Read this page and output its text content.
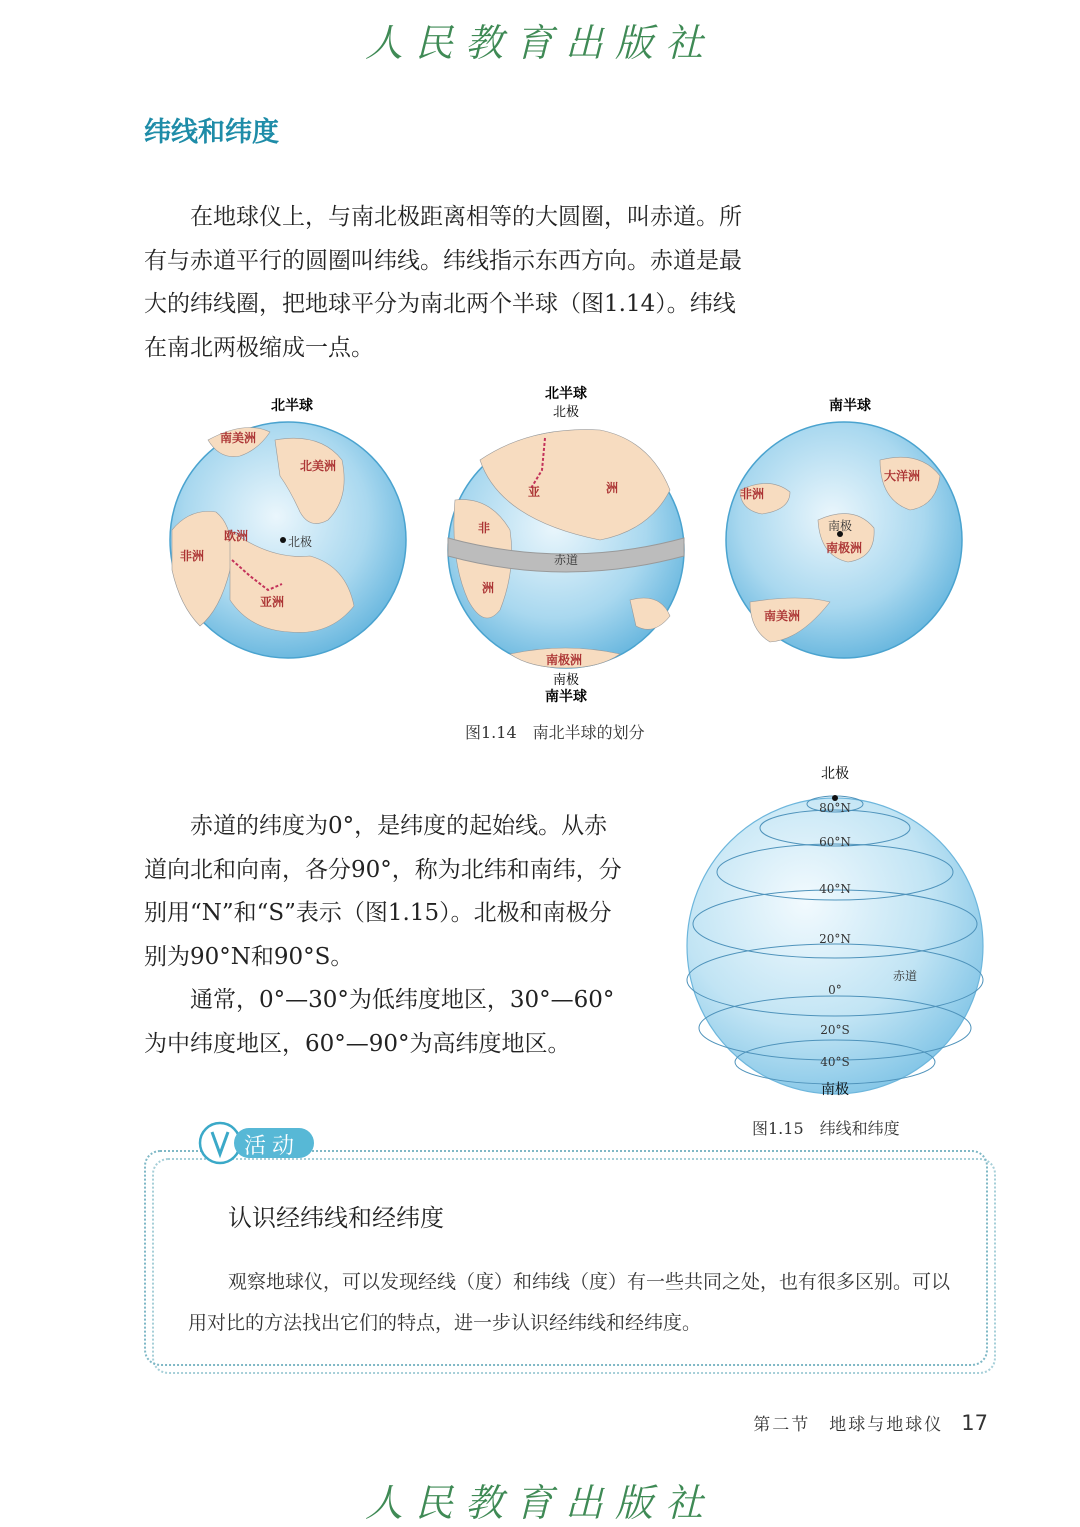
人民教育出版社
纬线和纬度

在地球仪上，与南北极距离相等的大圆圈，叫赤道。所有与赤道平行的圆圈叫纬线。纬线指示东西方向。赤道是最大的纬线圈，把地球平分为南北两个半球（图1.14）。纬线在南北两极缩成一点。

北极
南美洲
北美洲
非洲
欧洲
亚洲
北半球
亚	洲
非
洲
南极洲
赤道
北半球
北极
南极
南半球
南极
大洋洲
非洲
南极洲
南美洲
南半球
图1.14　南北半球的划分

赤道的纬度为0°，是纬度的起始线。从赤道向北和向南，各分90°，称为北纬和南纬，分别用“N”和“S”表示（图1.15）。北极和南极分别为90°N和90°S。

通常，0°—30°为低纬度地区，30°—60°为中纬度地区，60°—90°为高纬度地区。

北极
80°N
60°N
40°N
20°N
0°
赤道
20°S
40°S
南极
图1.15　纬线和纬度
活动
认识经纬线和经纬度

观察地球仪，可以发现经线（度）和纬线（度）有一些共同之处，也有很多区别。可以用对比的方法找出它们的特点，进一步认识经纬线和经纬度。

第二节　地球与地球仪 17
人民教育出版社
